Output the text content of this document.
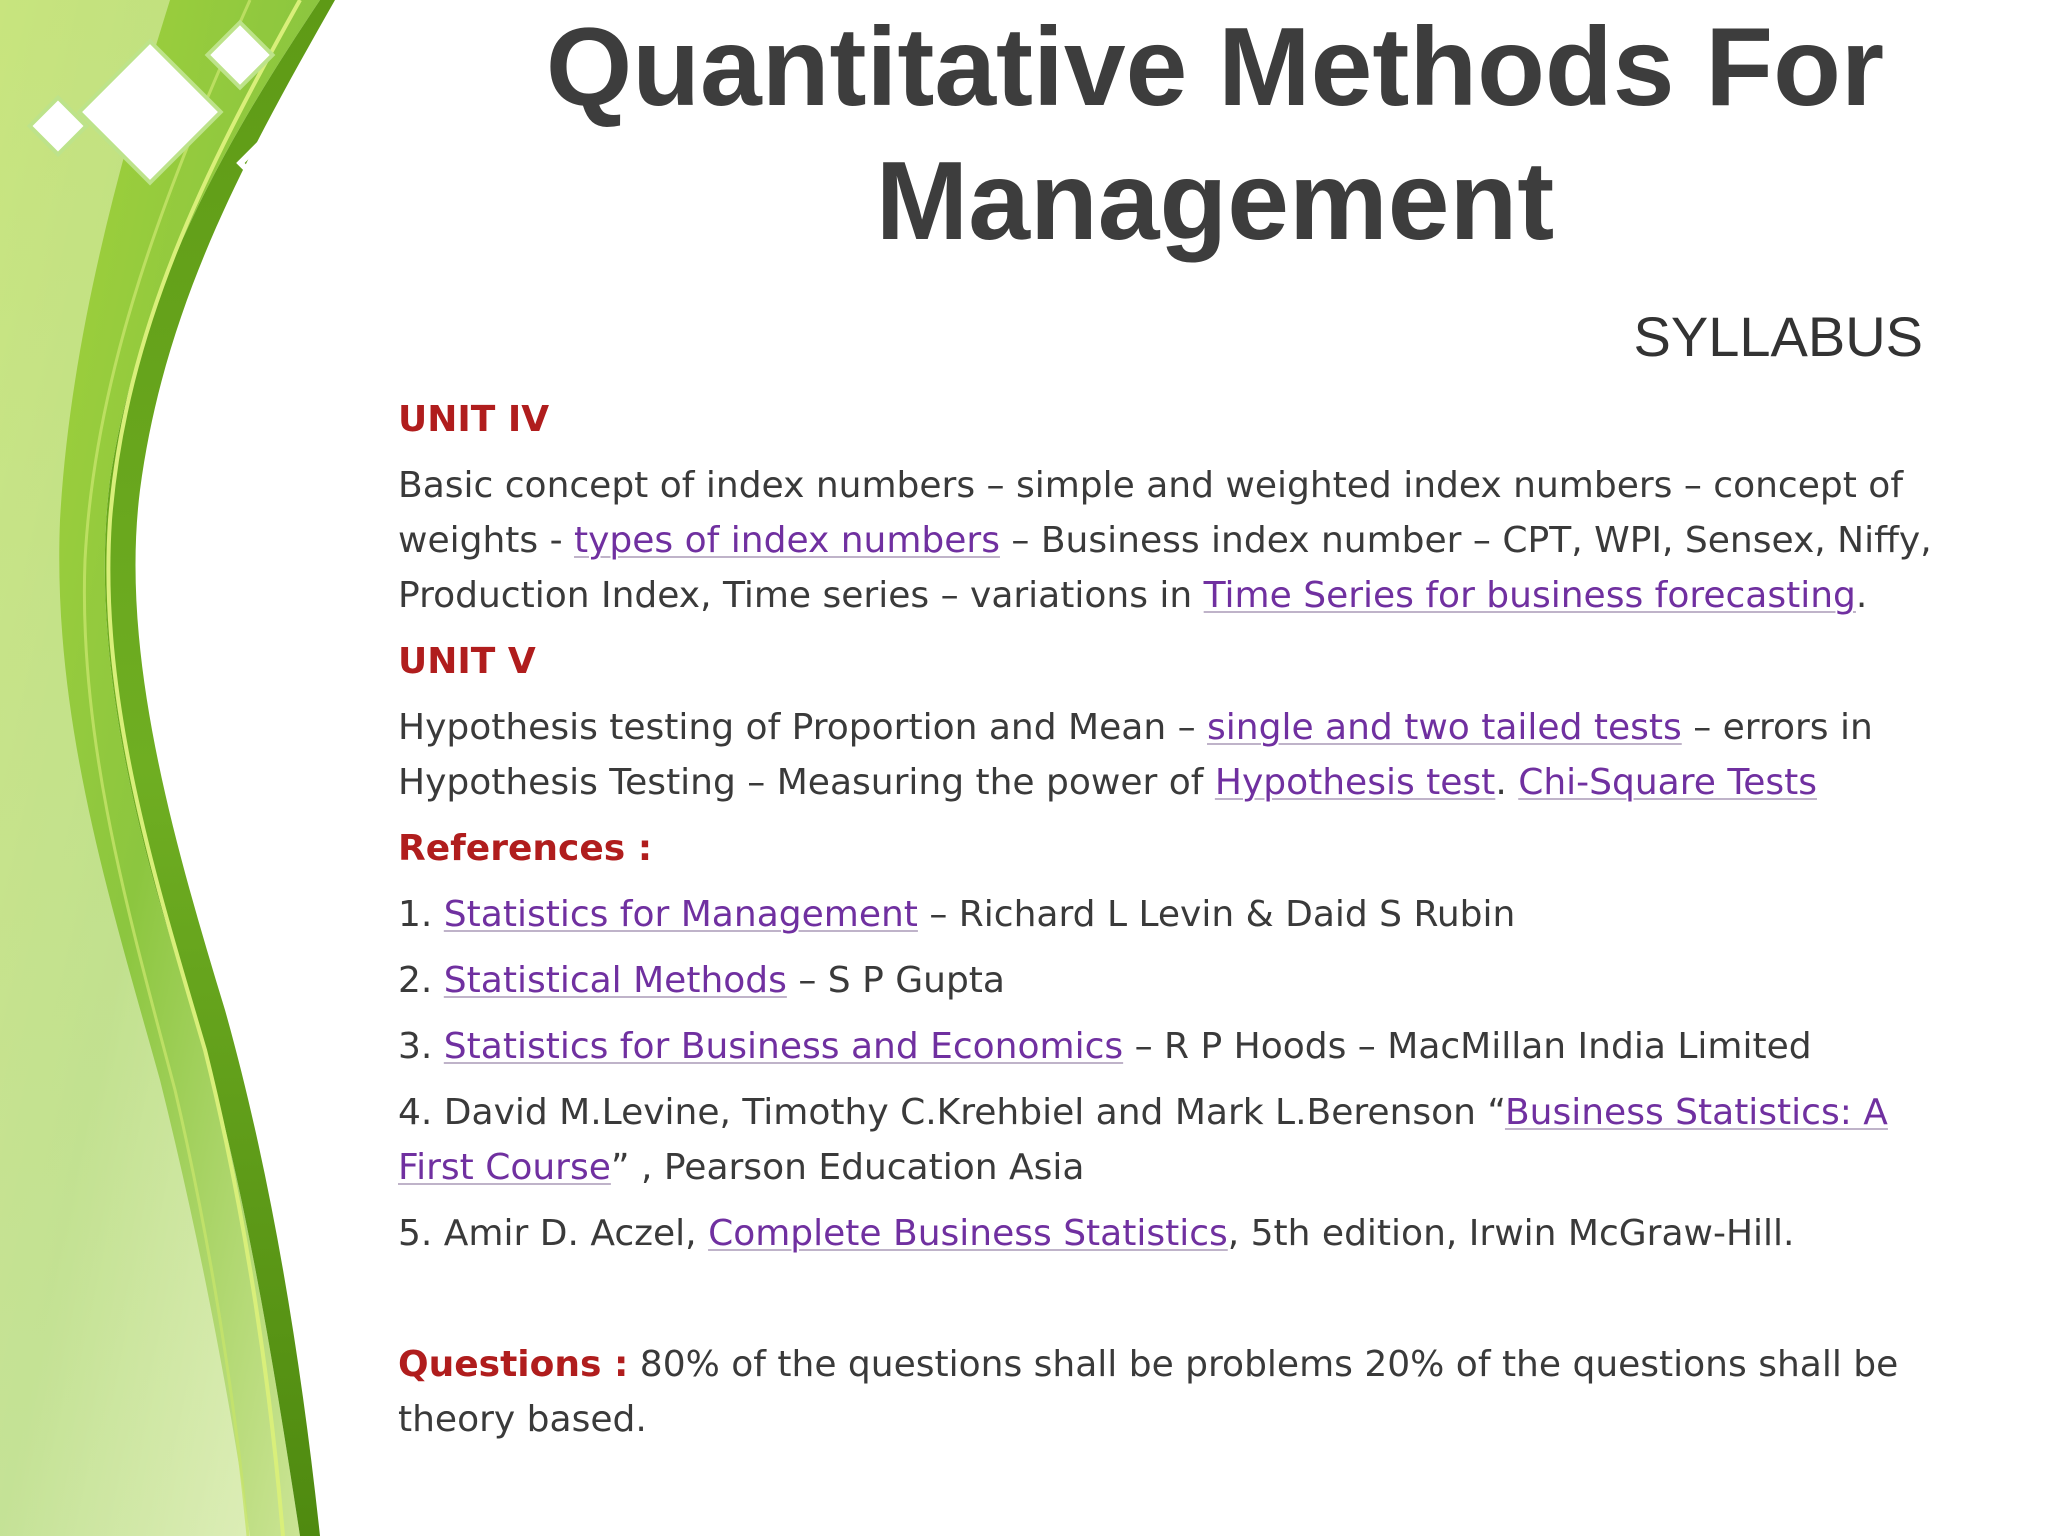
Quantitative Methods For Management
SYLLABUS

UNIT IV

Basic concept of index numbers – simple and weighted index numbers – concept of weights - types of index numbers – Business index number – CPT, WPI, Sensex, Niffy, Production Index, Time series – variations in Time Series for business forecasting.

UNIT V

Hypothesis testing of Proportion and Mean – single and two tailed tests – errors in Hypothesis Testing – Measuring the power of Hypothesis test. Chi-Square Tests

References :

1. Statistics for Management – Richard L Levin & Daid S Rubin

2. Statistical Methods – S P Gupta

3. Statistics for Business and Economics – R P Hoods – MacMillan India Limited

4. David M.Levine, Timothy C.Krehbiel and Mark L.Berenson “Business Statistics: A First Course” , Pearson Education Asia

5. Amir D. Aczel, Complete Business Statistics, 5th edition, Irwin McGraw-Hill.

Questions : 80% of the questions shall be problems 20% of the questions shall be theory based.
